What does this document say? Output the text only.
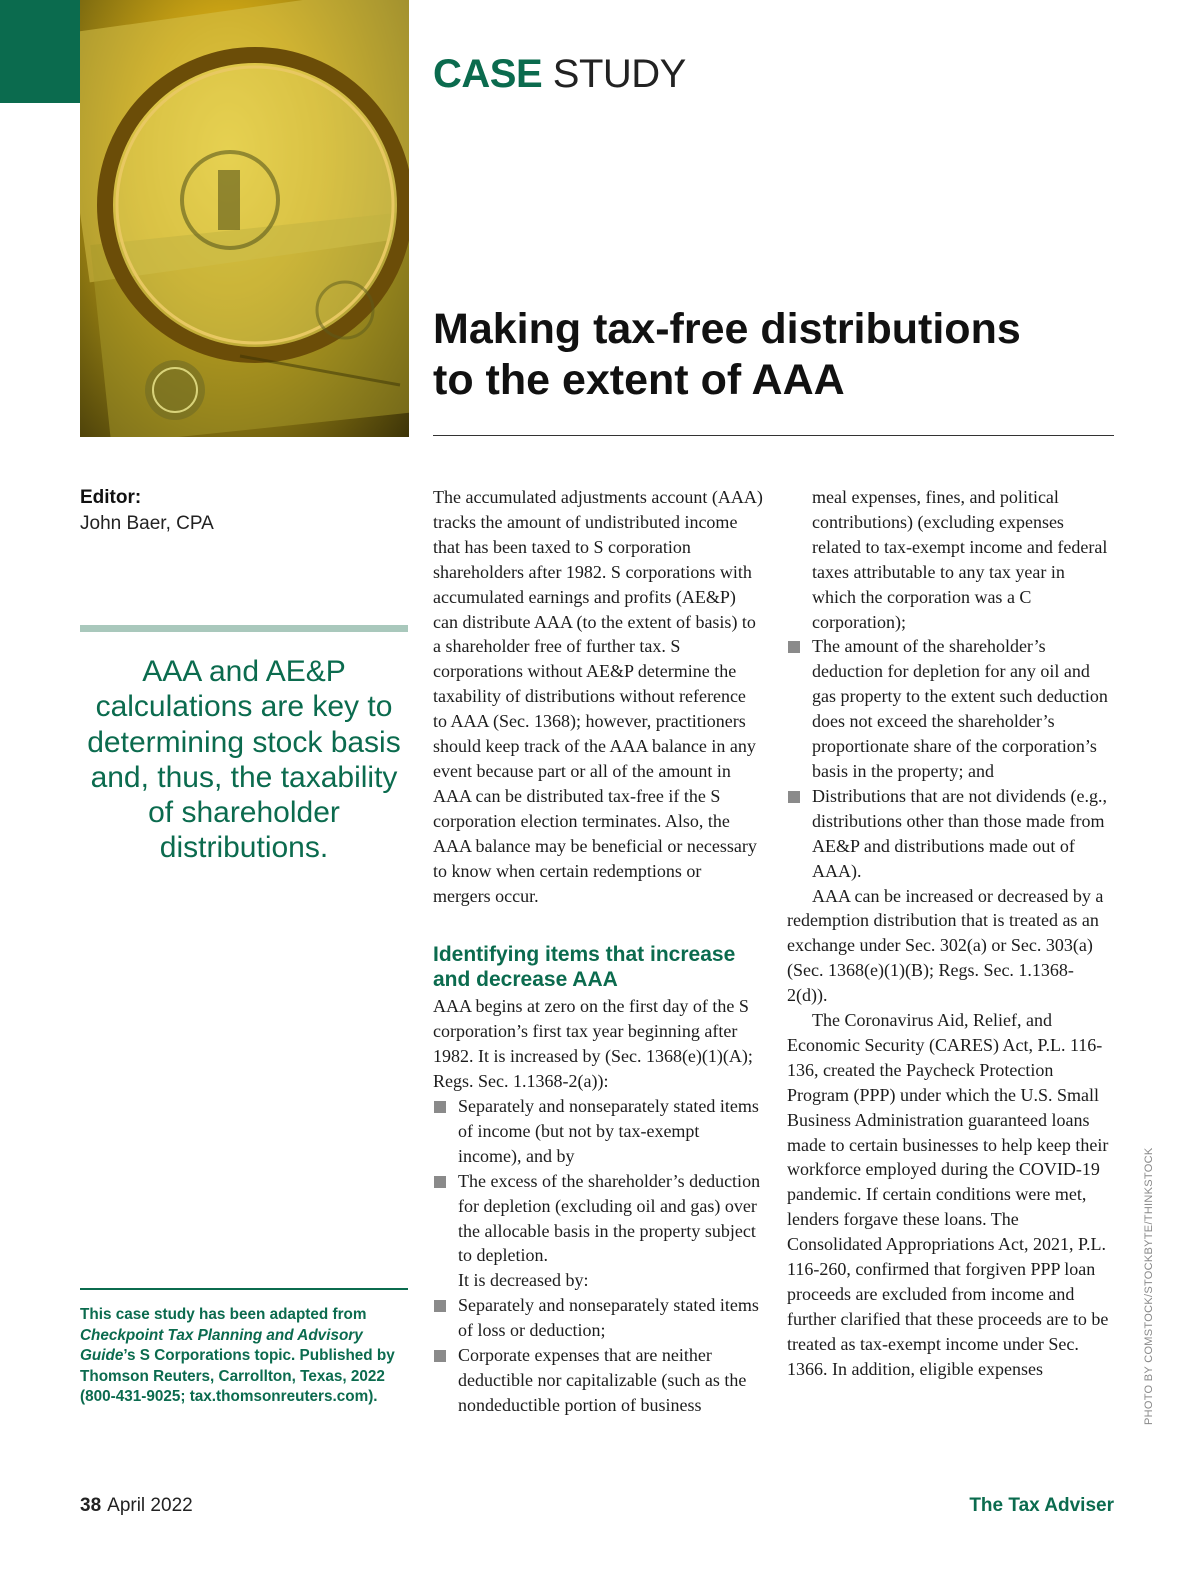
CASE STUDY
Making tax-free distributions
to the extent of AAA
Editor:
John Baer, CPA

AAA and AE&P calculations are key to determining stock basis and, thus, the taxability of shareholder distributions.

This case study has been adapted from Checkpoint Tax Planning and Advisory Guide’s S Corporations topic. Published by Thomson Reuters, Carrollton, Texas, 2022 (800-431-9025; tax.thomsonreuters.com).

The accumulated adjustments account (AAA) tracks the amount of undistributed income that has been taxed to S corporation shareholders after 1982. S corporations with accumulated earnings and profits (AE&P) can distribute AAA (to the extent of basis) to a shareholder free of further tax. S corporations without AE&P determine the taxability of distributions without reference to AAA (Sec. 1368); however, practitioners should keep track of the AAA balance in any event because part or all of the amount in AAA can be distributed tax-free if the S corporation election terminates. Also, the AAA balance may be beneficial or necessary to know when certain redemptions or mergers occur.

Identifying items that increase and decrease AAA

AAA begins at zero on the first day of the S corporation’s first tax year beginning after 1982. It is increased by (Sec. 1368(e)(1)(A); Regs. Sec. 1.1368-2(a)):

Separately and nonseparately stated items of income (but not by tax-exempt income), and by
The excess of the shareholder’s deduction for depletion (excluding oil and gas) over the allocable basis in the property subject to depletion.

It is decreased by:

Separately and nonseparately stated items of loss or deduction;
Corporate expenses that are neither deductible nor capitalizable (such as the nondeductible portion of business

meal expenses, fines, and political contributions) (excluding expenses related to tax-exempt income and federal taxes attributable to any tax year in which the corporation was a C corporation);

The amount of the shareholder’s deduction for depletion for any oil and gas property to the extent such deduction does not exceed the shareholder’s proportionate share of the corporation’s basis in the property; and
Distributions that are not dividends (e.g., distributions other than those made from AE&P and distributions made out of AAA).

AAA can be increased or decreased by a redemption distribution that is treated as an exchange under Sec. 302(a) or Sec. 303(a) (Sec. 1368(e)(1)(B); Regs. Sec. 1.1368-2(d)).

The Coronavirus Aid, Relief, and Economic Security (CARES) Act, P.L. 116-136, created the Paycheck Protection Program (PPP) under which the U.S. Small Business Administration guaranteed loans made to certain businesses to help keep their workforce employed during the COVID-19 pandemic. If certain conditions were met, lenders forgave these loans. The Consolidated Appropriations Act, 2021, P.L. 116-260, confirmed that forgiven PPP loan proceeds are excluded from income and further clarified that these proceeds are to be treated as tax-exempt income under Sec. 1366. In addition, eligible expenses	PHOTO BY COMSTOCK/STOCKBYTE/THINKSTOCK
38 April 2022	The Tax Adviser
